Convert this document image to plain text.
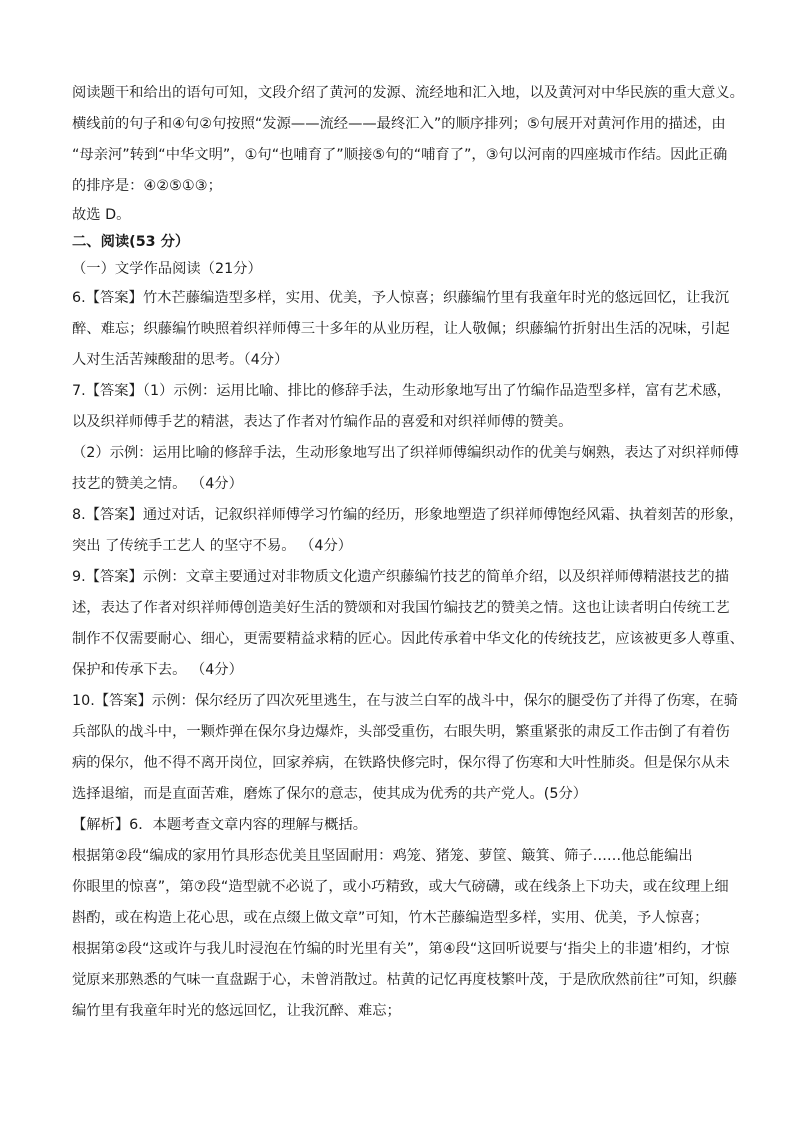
阅读题干和给出的语句可知，文段介绍了黄河的发源、流经地和汇入地，以及黄河对中华民族的重大意义。
横线前的句子和④句②句按照“发源——流经——最终汇入”的顺序排列；⑤句展开对黄河作用的描述，由
“母亲河”转到“中华文明”，①句“也哺育了”顺接⑤句的“哺育了”，③句以河南的四座城市作结。因此正确
的排序是：④②⑤①③；
故选 D。
二、阅读(53 分）
（一）文学作品阅读（21分）
6.【答案】竹木芒藤编造型多样，实用、优美，予人惊喜；织藤编竹里有我童年时光的悠远回忆，让我沉
醉、难忘；织藤编竹映照着织祥师傅三十多年的从业历程，让人敬佩；织藤编竹折射出生活的况味，引起
人对生活苦辣酸甜的思考。（4分）
7.【答案】（1）示例：运用比喻、排比的修辞手法，生动形象地写出了竹编作品造型多样，富有艺术感，
以及织祥师傅手艺的精湛，表达了作者对竹编作品的喜爱和对织祥师傅的赞美。
（2）示例：运用比喻的修辞手法，生动形象地写出了织祥师傅编织动作的优美与娴熟，表达了对织祥师傅
技艺的赞美之情。 （4分）
8.【答案】通过对话，记叙织祥师傅学习竹编的经历，形象地塑造了织祥师傅饱经风霜、执着刻苦的形象，
突出 了传统手工艺人 的坚守不易。 （4分）
9.【答案】示例：文章主要通过对非物质文化遗产织藤编竹技艺的简单介绍，以及织祥师傅精湛技艺的描
述，表达了作者对织祥师傅创造美好生活的赞颂和对我国竹编技艺的赞美之情。这也让读者明白传统工艺
制作不仅需要耐心、细心，更需要精益求精的匠心。因此传承着中华文化的传统技艺，应该被更多人尊重、
保护和传承下去。 （4分）
10.【答案】示例：保尔经历了四次死里逃生，在与波兰白军的战斗中，保尔的腿受伤了并得了伤寒，在骑
兵部队的战斗中，一颗炸弹在保尔身边爆炸，头部受重伤，右眼失明，繁重紧张的肃反工作击倒了有着伤
病的保尔，他不得不离开岗位，回家养病，在铁路快修完时，保尔得了伤寒和大叶性肺炎。但是保尔从未
选择退缩，而是直面苦难，磨炼了保尔的意志，使其成为优秀的共产党人。(5分）
【解析】6．本题考查文章内容的理解与概括。
根据第②段“编成的家用竹具形态优美且坚固耐用：鸡笼、猪笼、萝筐、簸箕、筛子……他总能编出
你眼里的惊喜”，第⑦段“造型就不必说了，或小巧精致，或大气磅礴，或在线条上下功夫，或在纹理上细
斟酌，或在构造上花心思，或在点缀上做文章”可知，竹木芒藤编造型多样，实用、优美，予人惊喜；
根据第②段“这或许与我儿时浸泡在竹编的时光里有关”，第④段“这回听说要与‘指尖上的非遗’相约，才惊
觉原来那熟悉的气味一直盘踞于心，未曾消散过。枯黄的记忆再度枝繁叶茂，于是欣欣然前往”可知，织藤
编竹里有我童年时光的悠远回忆，让我沉醉、难忘；
